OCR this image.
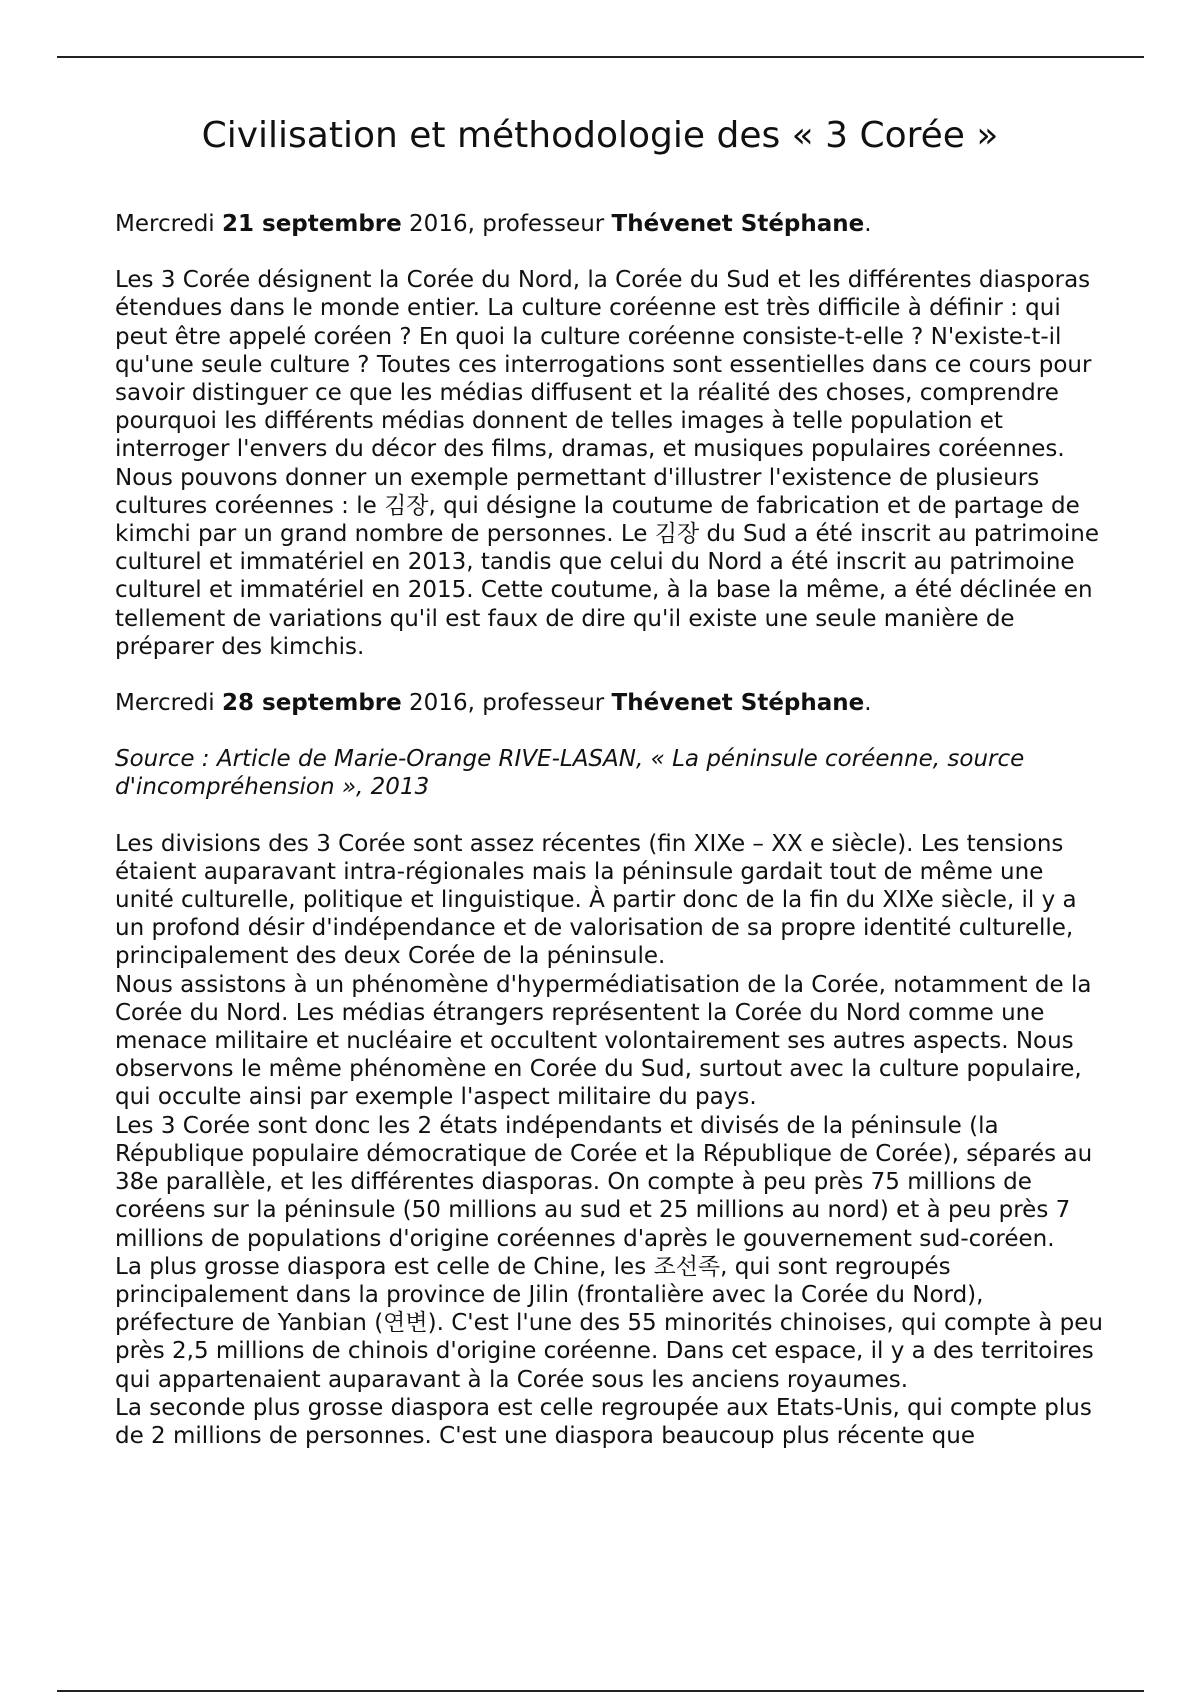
Civilisation et méthodologie des « 3 Corée »

Mercredi 21 septembre 2016, professeur Thévenet Stéphane.

Les 3 Corée désignent la Corée du Nord, la Corée du Sud et les différentes diasporas étendues dans le monde entier. La culture coréenne est très difficile à définir : qui peut être appelé coréen ? En quoi la culture coréenne consiste-t-elle ? N'existe-t-il qu'une seule culture ? Toutes ces interrogations sont essentielles dans ce cours pour savoir distinguer ce que les médias diffusent et la réalité des choses, comprendre pourquoi les différents médias donnent de telles images à telle population et interroger l'envers du décor des films, dramas, et musiques populaires coréennes.

Nous pouvons donner un exemple permettant d'illustrer l'existence de plusieurs cultures coréennes : le 김장, qui désigne la coutume de fabrication et de partage de kimchi par un grand nombre de personnes. Le 김장 du Sud a été inscrit au patrimoine culturel et immatériel en 2013, tandis que celui du Nord a été inscrit au patrimoine culturel et immatériel en 2015. Cette coutume, à la base la même, a été déclinée en tellement de variations qu'il est faux de dire qu'il existe une seule manière de préparer des kimchis.

Mercredi 28 septembre 2016, professeur Thévenet Stéphane.

Source : Article de Marie-Orange RIVE-LASAN, « La péninsule coréenne, source d'incompréhension », 2013

Les divisions des 3 Corée sont assez récentes (fin XIXe – XX e siècle). Les tensions étaient auparavant intra-régionales mais la péninsule gardait tout de même une unité culturelle, politique et linguistique. À partir donc de la fin du XIXe siècle, il y a un profond désir d'indépendance et de valorisation de sa propre identité culturelle, principalement des deux Corée de la péninsule.

Nous assistons à un phénomène d'hypermédiatisation de la Corée, notamment de la Corée du Nord. Les médias étrangers représentent la Corée du Nord comme une menace militaire et nucléaire et occultent volontairement ses autres aspects. Nous observons le même phénomène en Corée du Sud, surtout avec la culture populaire, qui occulte ainsi par exemple l'aspect militaire du pays.

Les 3 Corée sont donc les 2 états indépendants et divisés de la péninsule (la République populaire démocratique de Corée et la République de Corée), séparés au 38e parallèle, et les différentes diasporas. On compte à peu près 75 millions de coréens sur la péninsule (50 millions au sud et 25 millions au nord) et à peu près 7 millions de populations d'origine coréennes d'après le gouvernement sud-coréen.

La plus grosse diaspora est celle de Chine, les 조선족, qui sont regroupés principalement dans la province de Jilin (frontalière avec la Corée du Nord), préfecture de Yanbian (연변). C'est l'une des 55 minorités chinoises, qui compte à peu près 2,5 millions de chinois d'origine coréenne. Dans cet espace, il y a des territoires qui appartenaient auparavant à la Corée sous les anciens royaumes.

La seconde plus grosse diaspora est celle regroupée aux Etats-Unis, qui compte plus de 2 millions de personnes. C'est une diaspora beaucoup plus récente que
